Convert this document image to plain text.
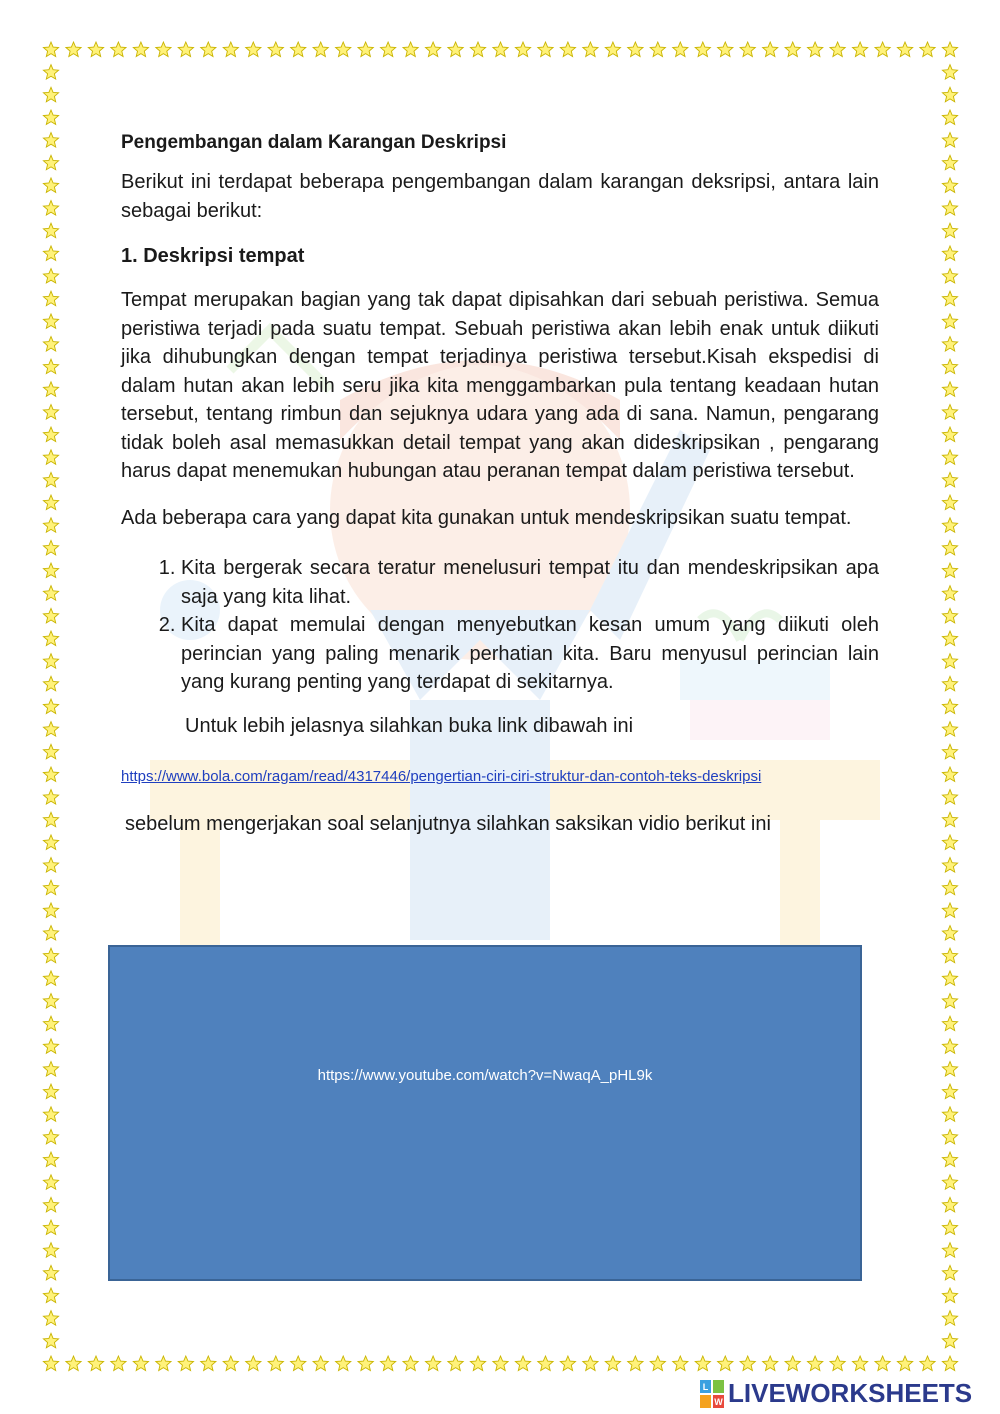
Pengembangan dalam Karangan Deskripsi

Berikut ini terdapat beberapa pengembangan dalam karangan deksripsi, antara lain sebagai berikut:

1. Deskripsi tempat

Tempat merupakan bagian yang tak dapat dipisahkan dari sebuah peristiwa. Semua peristiwa terjadi pada suatu tempat. Sebuah peristiwa akan lebih enak untuk diikuti jika dihubungkan dengan tempat terjadinya peristiwa tersebut.Kisah ekspedisi di dalam hutan akan lebih seru jika kita menggambarkan pula tentang keadaan hutan tersebut, tentang rimbun dan sejuknya udara yang ada di sana. Namun, pengarang tidak boleh asal memasukkan detail tempat yang akan dideskripsikan , pengarang harus dapat menemukan hubungan atau peranan tempat dalam peristiwa tersebut.

Ada beberapa cara yang dapat kita gunakan untuk mendeskripsikan suatu tempat.

1. Kita bergerak secara teratur menelusuri tempat itu dan mendeskripsikan apa saja yang kita lihat.
2. Kita dapat memulai dengan menyebutkan kesan umum yang diikuti oleh perincian yang paling menarik perhatian kita. Baru menyusul perincian lain yang kurang penting yang terdapat di sekitarnya.

Untuk lebih jelasnya silahkan buka link dibawah ini

https://www.bola.com/ragam/read/4317446/pengertian-ciri-ciri-struktur-dan-contoh-teks-deskripsi

sebelum mengerjakan soal selanjutnya silahkan saksikan vidio berikut ini

https://www.youtube.com/watch?v=NwaqA_pHL9k
L
W LIVEWORKSHEETS
